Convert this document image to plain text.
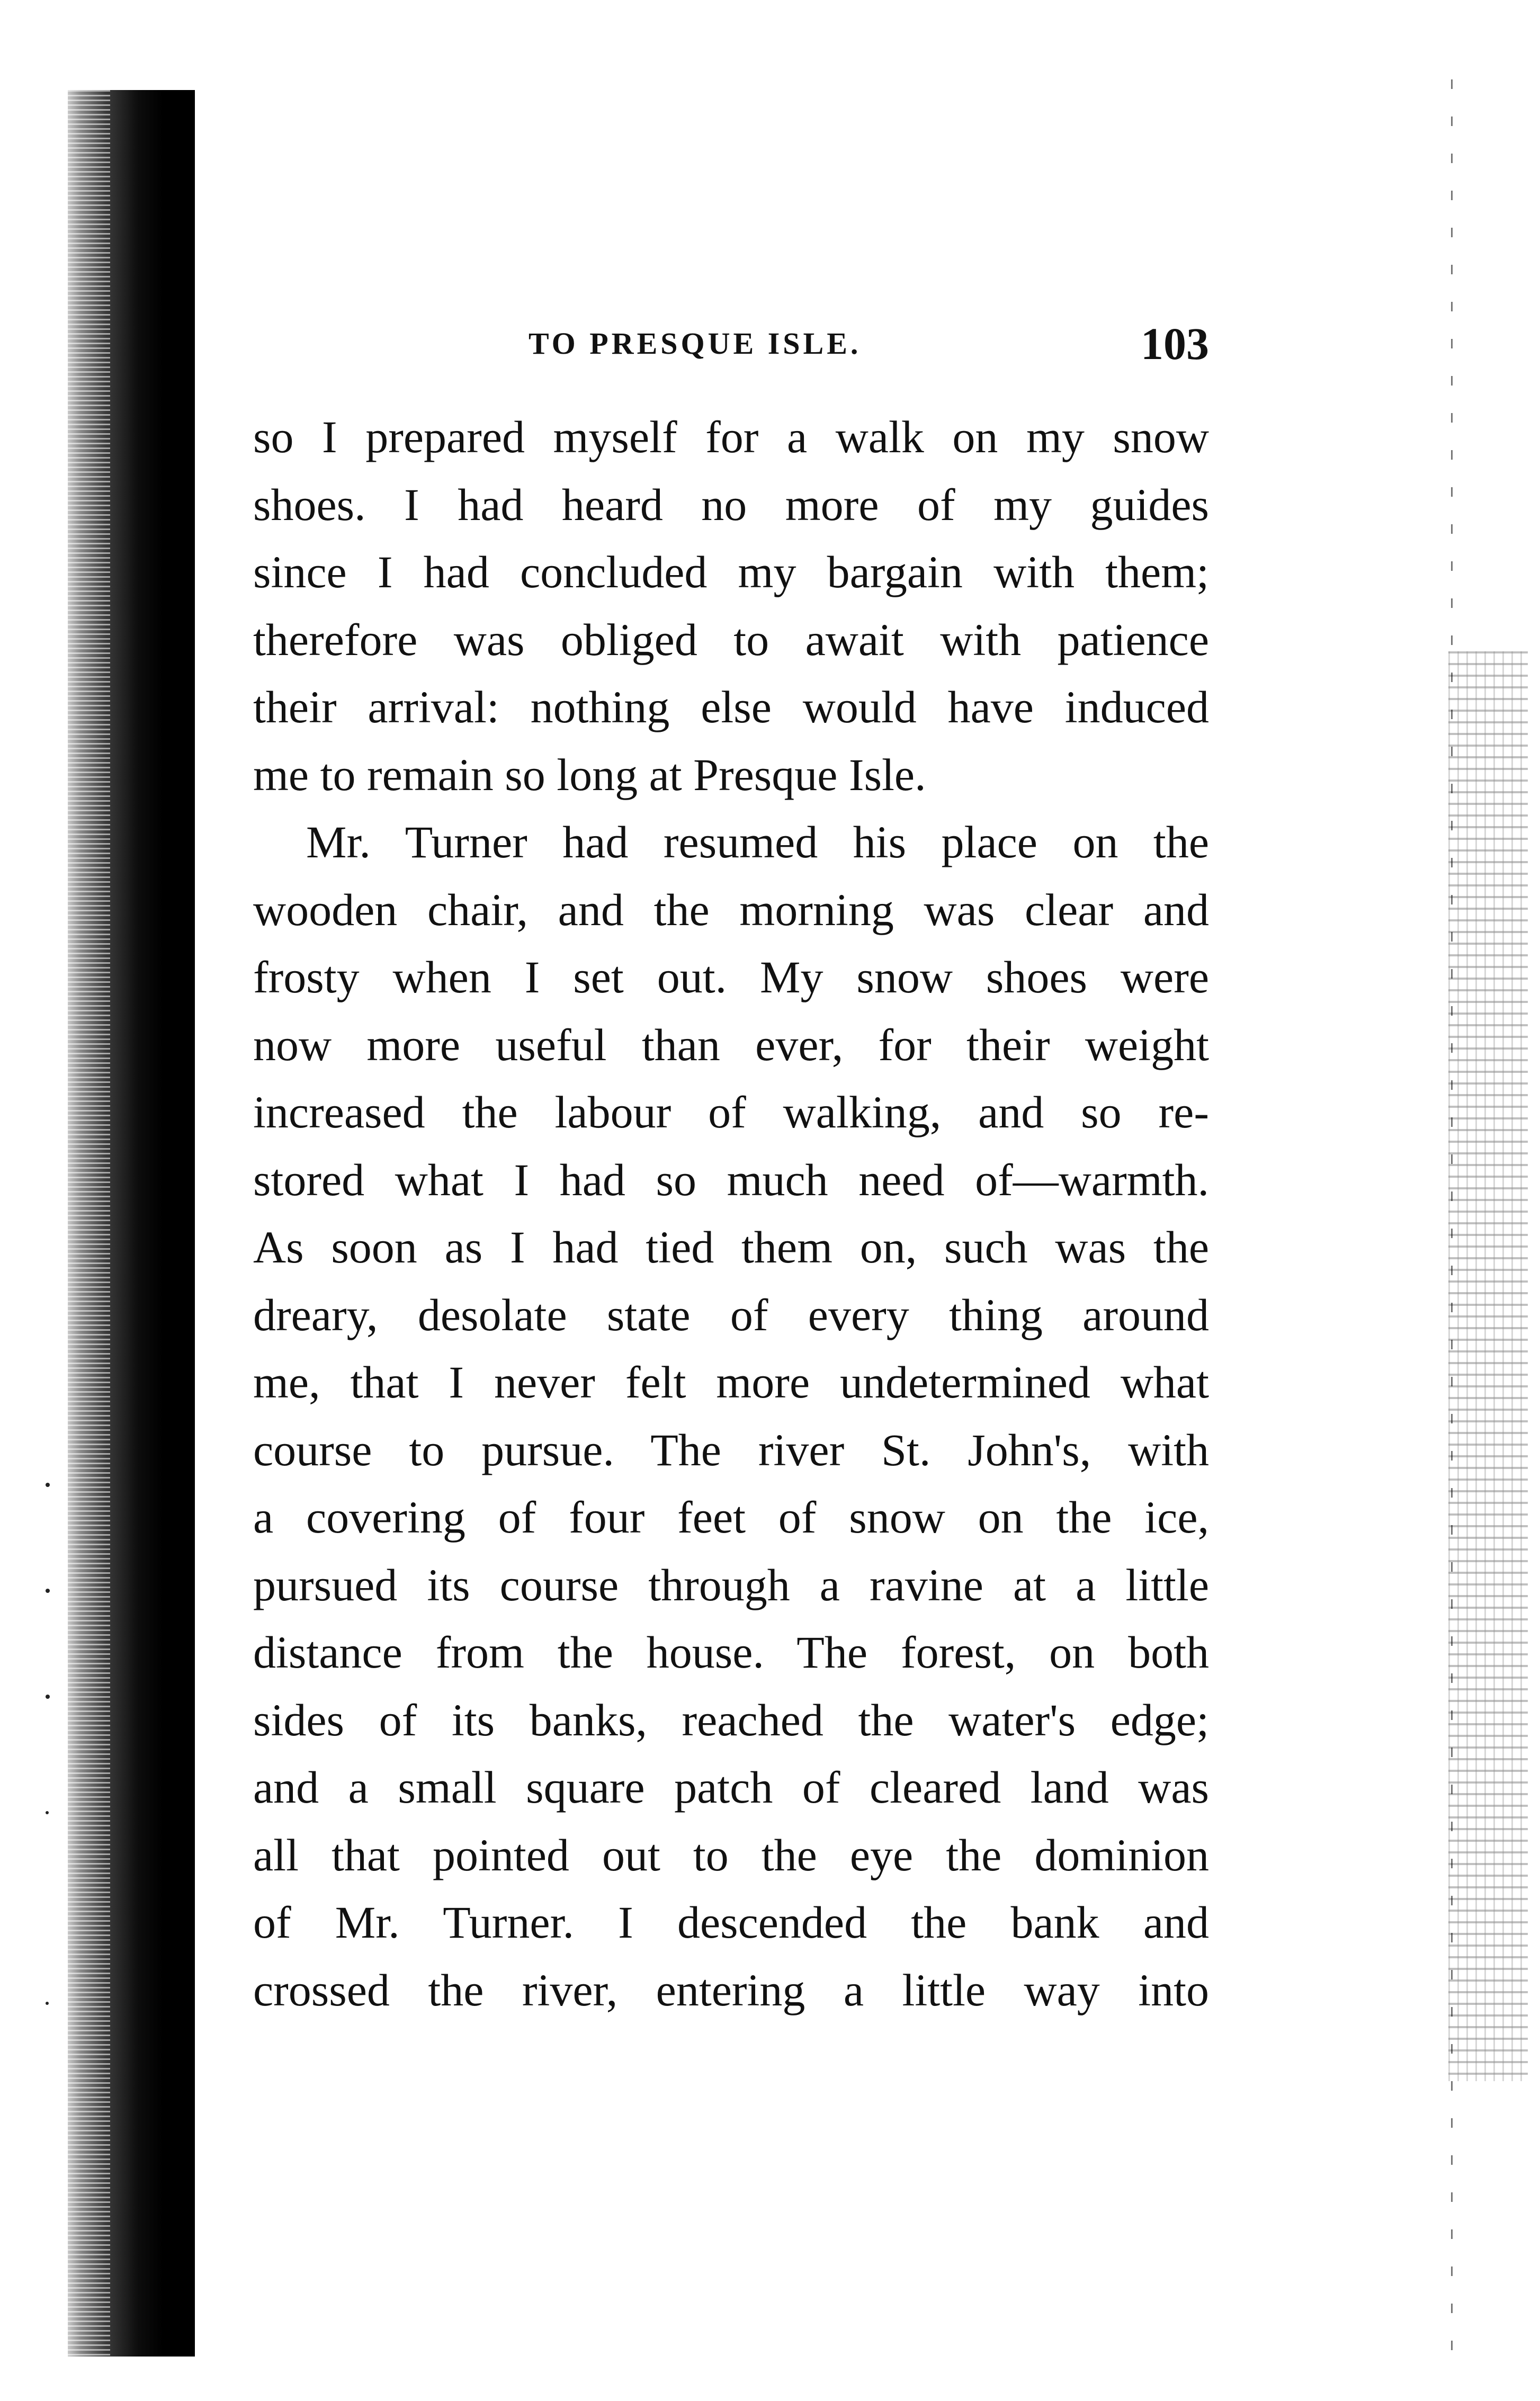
TO PRESQUE ISLE.	103
so I prepared myself for a walk on my snow
shoes. I had heard no more of my guides
since I had concluded my bargain with them;
therefore was obliged to await with patience
their arrival: nothing else would have induced
me to remain so long at Presque Isle.
Mr. Turner had resumed his place on the
wooden chair, and the morning was clear and
frosty when I set out. My snow shoes were
now more useful than ever, for their weight
increased the labour of walking, and so re-
stored what I had so much need of—warmth.
As soon as I had tied them on, such was the
dreary, desolate state of every thing around
me, that I never felt more undetermined what
course to pursue. The river St. John's, with
a covering of four feet of snow on the ice,
pursued its course through a ravine at a little
distance from the house. The forest, on both
sides of its banks, reached the water's edge;
and a small square patch of cleared land was
all that pointed out to the eye the dominion
of Mr. Turner. I descended the bank and
crossed the river, entering a little way into
